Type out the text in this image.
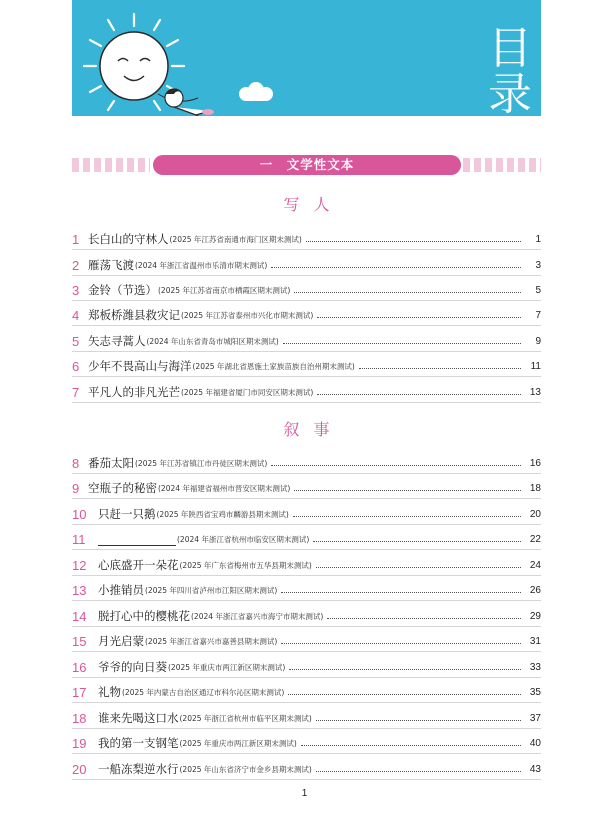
目录
一　文学性文本
写人
1 长白山的守林人 (2025 年江苏省南通市海门区期末测试)	1
2 雁荡飞渡 (2024 年浙江省温州市乐清市期末测试)	3
3 金铃（节选） (2025 年江苏省南京市栖霞区期末测试)	5
4 郑板桥潍县救灾记 (2025 年江苏省泰州市兴化市期末测试)	7
5 矢志寻蒿人 (2024 年山东省青岛市城阳区期末测试)	9
6 少年不畏高山与海洋 (2025 年湖北省恩施土家族苗族自治州期末测试)	11
7 平凡人的非凡光芒 (2025 年福建省厦门市同安区期末测试)	13
叙事
8 番茄太阳 (2025 年江苏省镇江市丹徒区期末测试)	16
9 空瓶子的秘密 (2024 年福建省福州市晋安区期末测试)	18
10	只赶一只鹅 (2025 年陕西省宝鸡市麟游县期末测试)	20
11	(2024 年浙江省杭州市临安区期末测试)	22
12	心底盛开一朵花 (2025 年广东省梅州市五华县期末测试)	24
13	小推销员 (2025 年四川省泸州市江阳区期末测试)	26
14	脱打心中的樱桃花 (2024 年浙江省嘉兴市海宁市期末测试)	29
15	月光启蒙 (2025 年浙江省嘉兴市嘉善县期末测试)	31
16	爷爷的向日葵 (2025 年重庆市两江新区期末测试)	33
17	礼物 (2025 年内蒙古自治区通辽市科尔沁区期末测试)	35
18	谁来先喝这口水 (2025 年浙江省杭州市临平区期末测试)	37
19	我的第一支钢笔 (2025 年重庆市两江新区期末测试)	40
20	一船冻梨逆水行 (2025 年山东省济宁市金乡县期末测试)	43
1
